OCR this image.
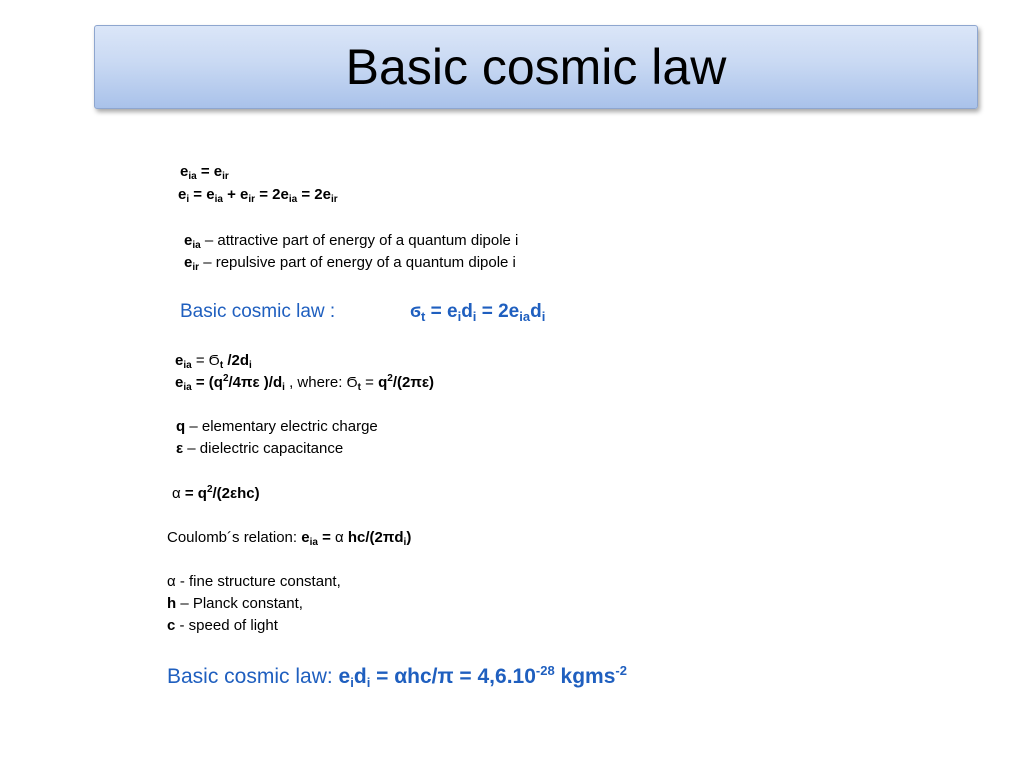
Basic cosmic law
$e_{ia} = e_{ir}$
$e_i = e_{ia} + e_{ir} = 2e_{ia} = 2e_{ir}$
$e_{ia}$ – attractive part of energy of a quantum dipole i
$e_{ir}$ – repulsive part of energy of a quantum dipole i
Basic cosmic law :	$ϭ_t = e_id_i = 2e_{ia}d_i$
$e_{ia} = Ϭ_t$ $/2d_i$
$e_{ia} = (q^2/4\pi\varepsilon$ )$/d_i$ , where: $Ϭ_t = q^2/(2\pi\varepsilon)$
q – elementary electric charge
ε – dielectric capacitance
$\alpha = q^2/(2\varepsilon hc)$
Coulomb´s relation: $e_{ia} = \alpha$ $hc/(2\pi d_i)$
α - fine structure constant,
h – Planck constant,
c - speed of light
Basic cosmic law: $e_id_i = \alpha hc/\pi = 4,6.10^{-28}$ kgms$^{-2}$
